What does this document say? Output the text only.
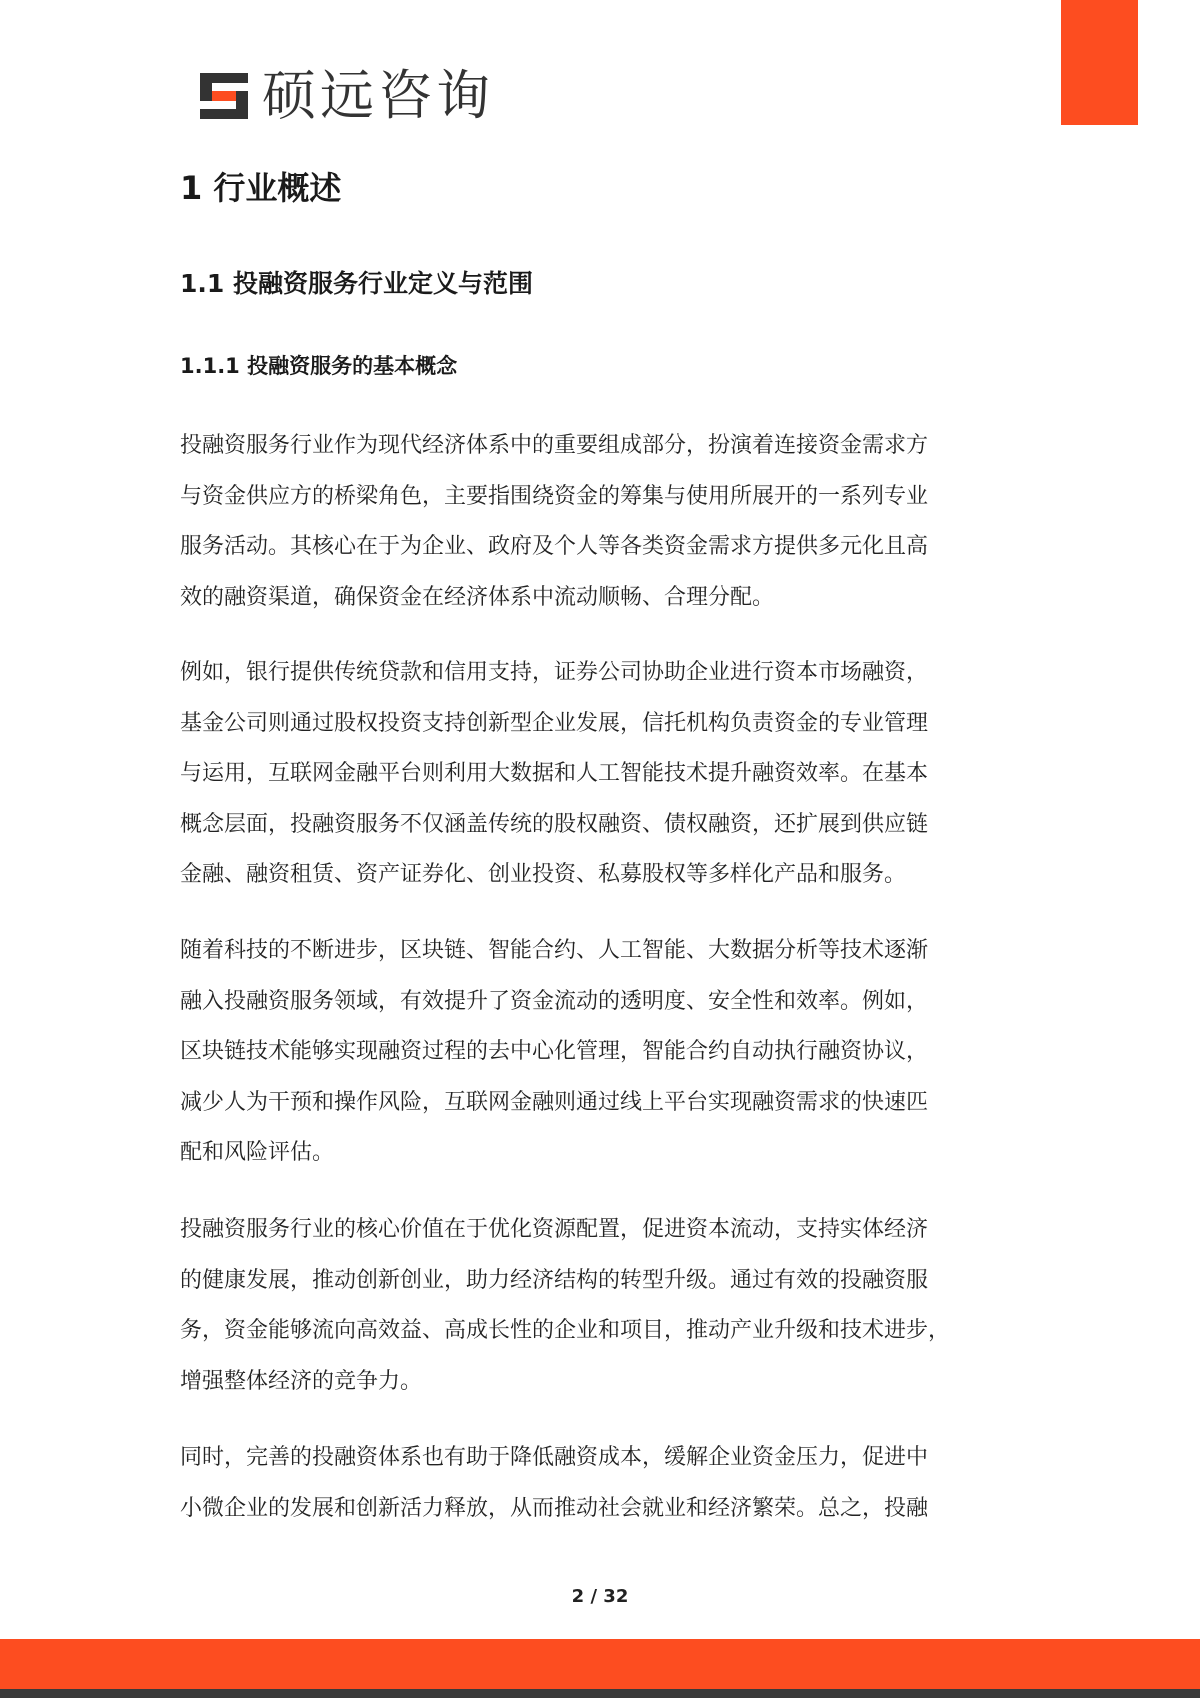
硕远咨询
1 行业概述
1.1 投融资服务行业定义与范围
1.1.1 投融资服务的基本概念
投融资服务行业作为现代经济体系中的重要组成部分，扮演着连接资金需求方
与资金供应方的桥梁角色，主要指围绕资金的筹集与使用所展开的一系列专业
服务活动。其核心在于为企业、政府及个人等各类资金需求方提供多元化且高
效的融资渠道，确保资金在经济体系中流动顺畅、合理分配。
例如，银行提供传统贷款和信用支持，证券公司协助企业进行资本市场融资，
基金公司则通过股权投资支持创新型企业发展，信托机构负责资金的专业管理
与运用，互联网金融平台则利用大数据和人工智能技术提升融资效率。在基本
概念层面，投融资服务不仅涵盖传统的股权融资、债权融资，还扩展到供应链
金融、融资租赁、资产证券化、创业投资、私募股权等多样化产品和服务。
随着科技的不断进步，区块链、智能合约、人工智能、大数据分析等技术逐渐
融入投融资服务领域，有效提升了资金流动的透明度、安全性和效率。例如，
区块链技术能够实现融资过程的去中心化管理，智能合约自动执行融资协议，
减少人为干预和操作风险，互联网金融则通过线上平台实现融资需求的快速匹
配和风险评估。
投融资服务行业的核心价值在于优化资源配置，促进资本流动，支持实体经济
的健康发展，推动创新创业，助力经济结构的转型升级。通过有效的投融资服
务，资金能够流向高效益、高成长性的企业和项目，推动产业升级和技术进步，
增强整体经济的竞争力。
同时，完善的投融资体系也有助于降低融资成本，缓解企业资金压力，促进中
小微企业的发展和创新活力释放，从而推动社会就业和经济繁荣。总之，投融
2 / 32
